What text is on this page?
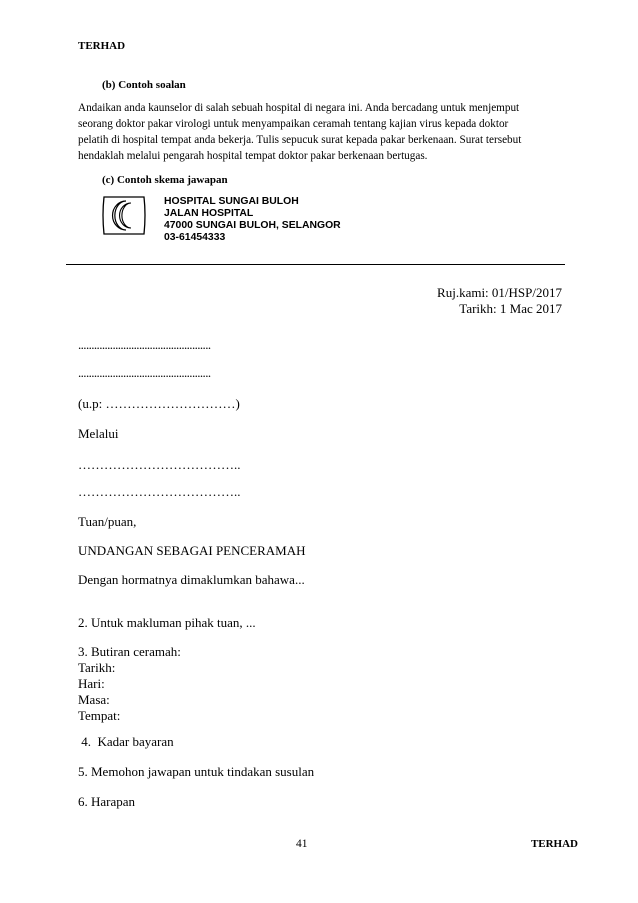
TERHAD
(b) Contoh soalan

Andaikan anda kaunselor di salah sebuah hospital di negara ini. Anda bercadang untuk menjemput

seorang doktor pakar virologi untuk menyampaikan ceramah tentang kajian virus kepada doktor

pelatih di hospital tempat anda bekerja. Tulis sepucuk surat kepada pakar berkenaan. Surat tersebut

hendaklah melalui pengarah hospital tempat doktor pakar berkenaan bertugas.

(c) Contoh skema jawapan
HOSPITAL SUNGAI BULOH
JALAN HOSPITAL
47000 SUNGAI BULOH, SELANGOR
03-61454333
Ruj.kami: 01/HSP/2017
Tarikh: 1 Mac 2017
..................................................
..................................................
(u.p: …………………………)
Melalui
………………………………..
………………………………..
Tuan/puan,
UNDANGAN SEBAGAI PENCERAMAH
Dengan hormatnya dimaklumkan bahawa...
2. Untuk makluman pihak tuan, ...
3. Butiran ceramah:
Tarikh:
Hari:
Masa:
Tempat:
4.  Kadar bayaran
5. Memohon jawapan untuk tindakan susulan
6. Harapan
41	TERHAD
